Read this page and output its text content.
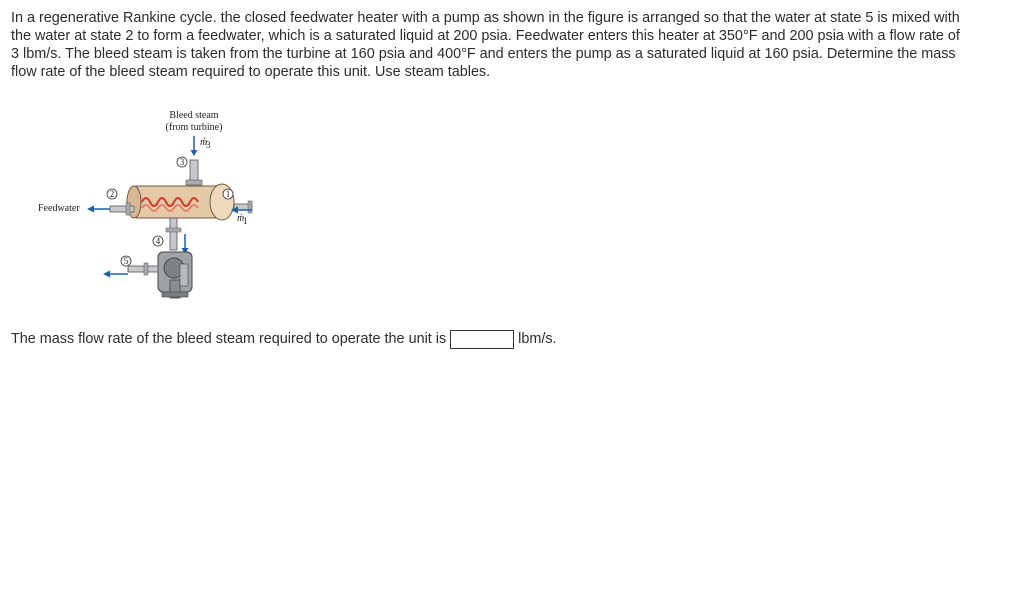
In a regenerative Rankine cycle. the closed feedwater heater with a pump as shown in the figure is arranged so that the water at state 5 is mixed with the water at state 2 to form a feedwater, which is a saturated liquid at 200 psia. Feedwater enters this heater at 350°F and 200 psia with a flow rate of 3 lbm/s. The bleed steam is taken from the turbine at 160 psia and 400°F and enters the pump as a saturated liquid at 160 psia. Determine the mass flow rate of the bleed steam required to operate this unit. Use steam tables.

Bleed steam
(from turbine)
ṁ
3
3
2
Feedwater
1
ṁ
1
4
5
The mass flow rate of the bleed steam required to operate the unit is	lbm/s.
